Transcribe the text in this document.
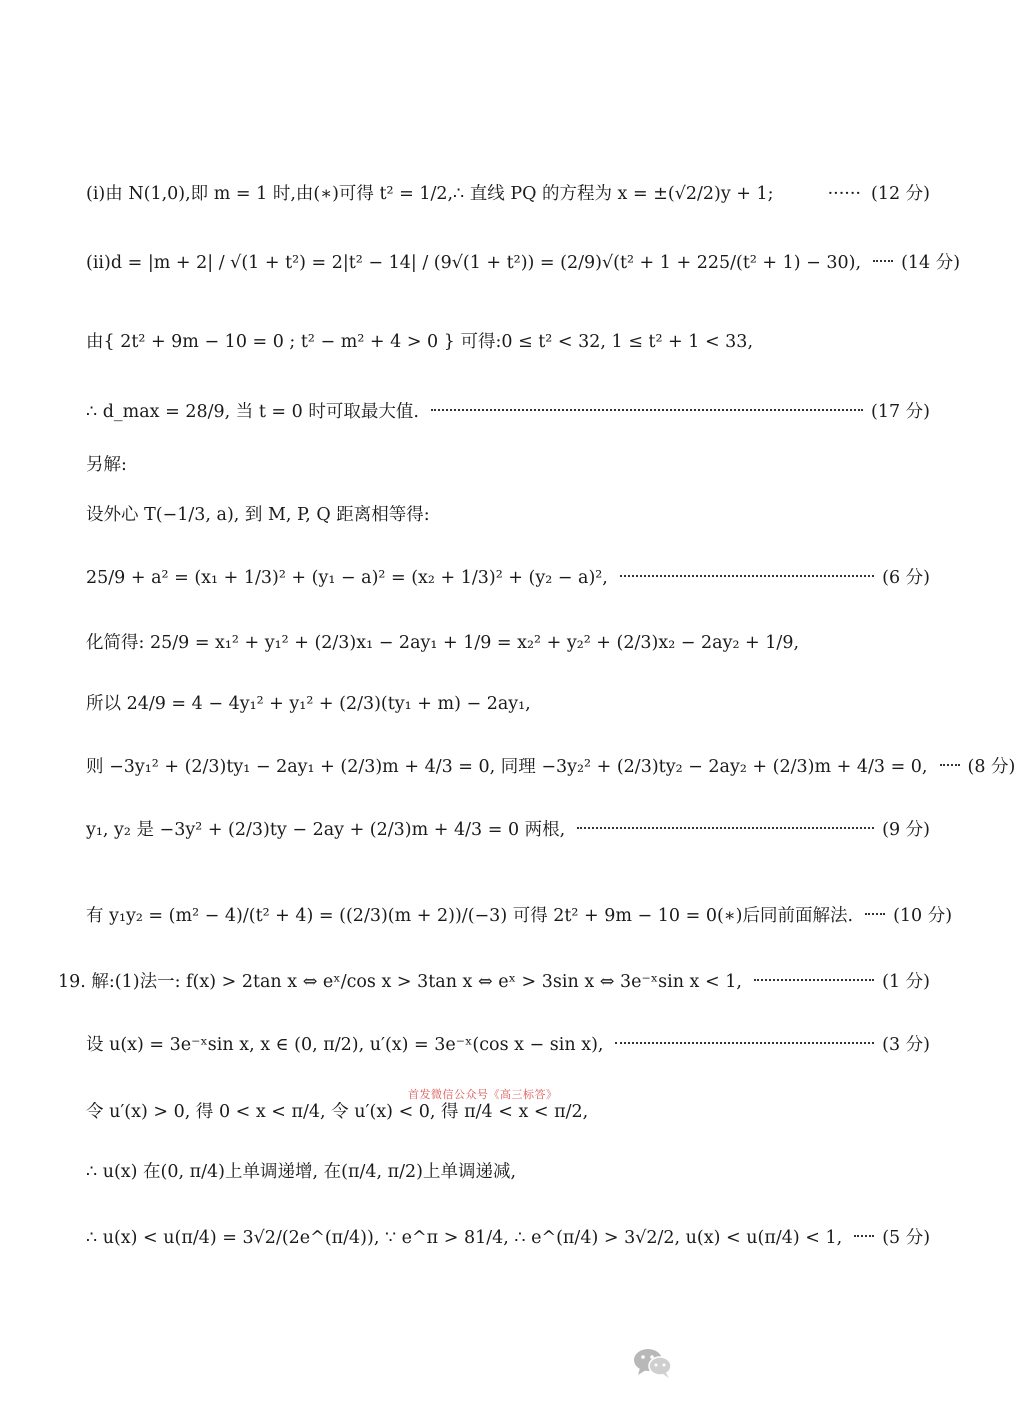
(i)由 N(1,0),即 m = 1 时,由(∗)可得 t² = 1/2,∴ 直线 PQ 的方程为 x = ±(√2/2)y + 1;	······ (12 分)
(ii)d = |m + 2| / √(1 + t²) = 2|t² − 14| / (9√(1 + t²)) = (2/9)√(t² + 1 + 225/(t² + 1) − 30), (14 分)
由{ 2t² + 9m − 10 = 0 ; t² − m² + 4 > 0 } 可得:0 ≤ t² < 32, 1 ≤ t² + 1 < 33,
∴ d_max = 28/9, 当 t = 0 时可取最大值.	(17 分)
另解:
设外心 T(−1/3, a), 到 M, P, Q 距离相等得:
25/9 + a² = (x₁ + 1/3)² + (y₁ − a)² = (x₂ + 1/3)² + (y₂ − a)²,	(6 分)
化简得: 25/9 = x₁² + y₁² + (2/3)x₁ − 2ay₁ + 1/9 = x₂² + y₂² + (2/3)x₂ − 2ay₂ + 1/9,
所以 24/9 = 4 − 4y₁² + y₁² + (2/3)(ty₁ + m) − 2ay₁,
则 −3y₁² + (2/3)ty₁ − 2ay₁ + (2/3)m + 4/3 = 0, 同理 −3y₂² + (2/3)ty₂ − 2ay₂ + (2/3)m + 4/3 = 0, (8 分)
y₁, y₂ 是 −3y² + (2/3)ty − 2ay + (2/3)m + 4/3 = 0 两根,	(9 分)
有 y₁y₂ = (m² − 4)/(t² + 4) = ((2/3)(m + 2))/(−3) 可得 2t² + 9m − 10 = 0(∗)后同前面解法. (10 分)
19. 解:(1)法一: f(x) > 2tan x ⇔ eˣ/cos x > 3tan x ⇔ eˣ > 3sin x ⇔ 3e⁻ˣsin x < 1,	(1 分)
设 u(x) = 3e⁻ˣsin x, x ∈ (0, π/2), u′(x) = 3e⁻ˣ(cos x − sin x),	(3 分)
令 u′(x) > 0, 得 0 < x < π/4, 令 u′(x) < 0, 得 π/4 < x < π/2,
∴ u(x) 在(0, π/4)上单调递增, 在(π/4, π/2)上单调递减,
∴ u(x) < u(π/4) = 3√2/(2e^(π/4)), ∵ e^π > 81/4, ∴ e^(π/4) > 3√2/2, u(x) < u(π/4) < 1, (5 分)
首发微信公众号《高三标答》
